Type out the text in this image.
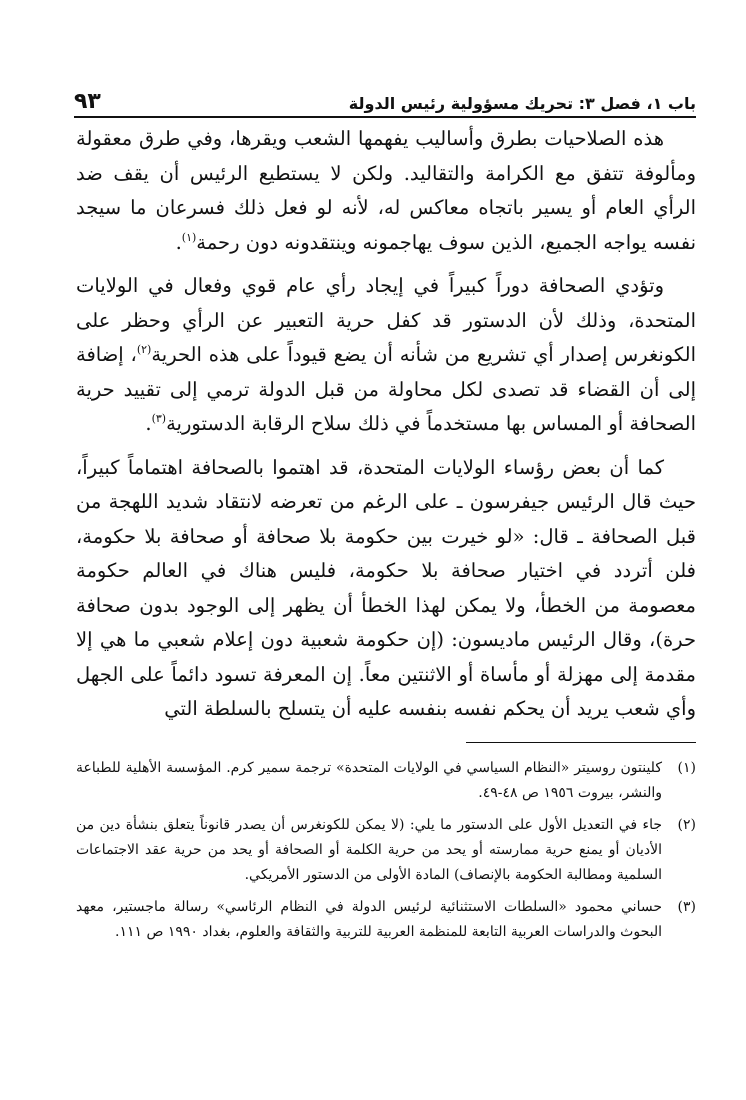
باب ١، فصل ٣: تحريك مسؤولية رئيس الدولة
٩٣

هذه الصلاحيات بطرق وأساليب يفهمها الشعب ويقرها، وفي طرق معقولة ومألوفة تتفق مع الكرامة والتقاليد. ولكن لا يستطيع الرئيس أن يقف ضد الرأي العام أو يسير باتجاه معاكس له، لأنه لو فعل ذلك فسرعان ما سيجد نفسه يواجه الجميع، الذين سوف يهاجمونه وينتقدونه دون رحمة$^{(١)}$.

وتؤدي الصحافة دوراً كبيراً في إيجاد رأي عام قوي وفعال في الولايات المتحدة، وذلك لأن الدستور قد كفل حرية التعبير عن الرأي وحظر على الكونغرس إصدار أي تشريع من شأنه أن يضع قيوداً على هذه الحرية$^{(٢)}$، إضافة إلى أن القضاء قد تصدى لكل محاولة من قبل الدولة ترمي إلى تقييد حرية الصحافة أو المساس بها مستخدماً في ذلك سلاح الرقابة الدستورية$^{(٣)}$.

كما أن بعض رؤساء الولايات المتحدة، قد اهتموا بالصحافة اهتماماً كبيراً، حيث قال الرئيس جيفرسون ـ على الرغم من تعرضه لانتقاد شديد اللهجة من قبل الصحافة ـ قال: «لو خيرت بين حكومة بلا صحافة أو صحافة بلا حكومة، فلن أتردد في اختيار صحافة بلا حكومة، فليس هناك في العالم حكومة معصومة من الخطأ، ولا يمكن لهذا الخطأ أن يظهر إلى الوجود بدون صحافة حرة)، وقال الرئيس ماديسون: (إن حكومة شعبية دون إعلام شعبي ما هي إلا مقدمة إلى مهزلة أو مأساة أو الاثنتين معاً. إن المعرفة تسود دائماً على الجهل وأي شعب يريد أن يحكم نفسه بنفسه عليه أن يتسلح بالسلطة التي

(١)
كلينتون روسيتر «النظام السياسي في الولايات المتحدة» ترجمة سمير كرم. المؤسسة الأهلية للطباعة والنشر، بيروت ١٩٥٦ ص ٤٨-٤٩.
(٢)
جاء في التعديل الأول على الدستور ما يلي: (لا يمكن للكونغرس أن يصدر قانوناً يتعلق بنشأة دين من الأديان أو يمنع حرية ممارسته أو يحد من حرية الكلمة أو الصحافة أو يحد من حرية عقد الاجتماعات السلمية ومطالبة الحكومة بالإنصاف) المادة الأولى من الدستور الأمريكي.
(٣)
حساني محمود «السلطات الاستثنائية لرئيس الدولة في النظام الرئاسي» رسالة ماجستير، معهد البحوث والدراسات العربية التابعة للمنظمة العربية للتربية والثقافة والعلوم، بغداد ١٩٩٠ ص ١١١.
